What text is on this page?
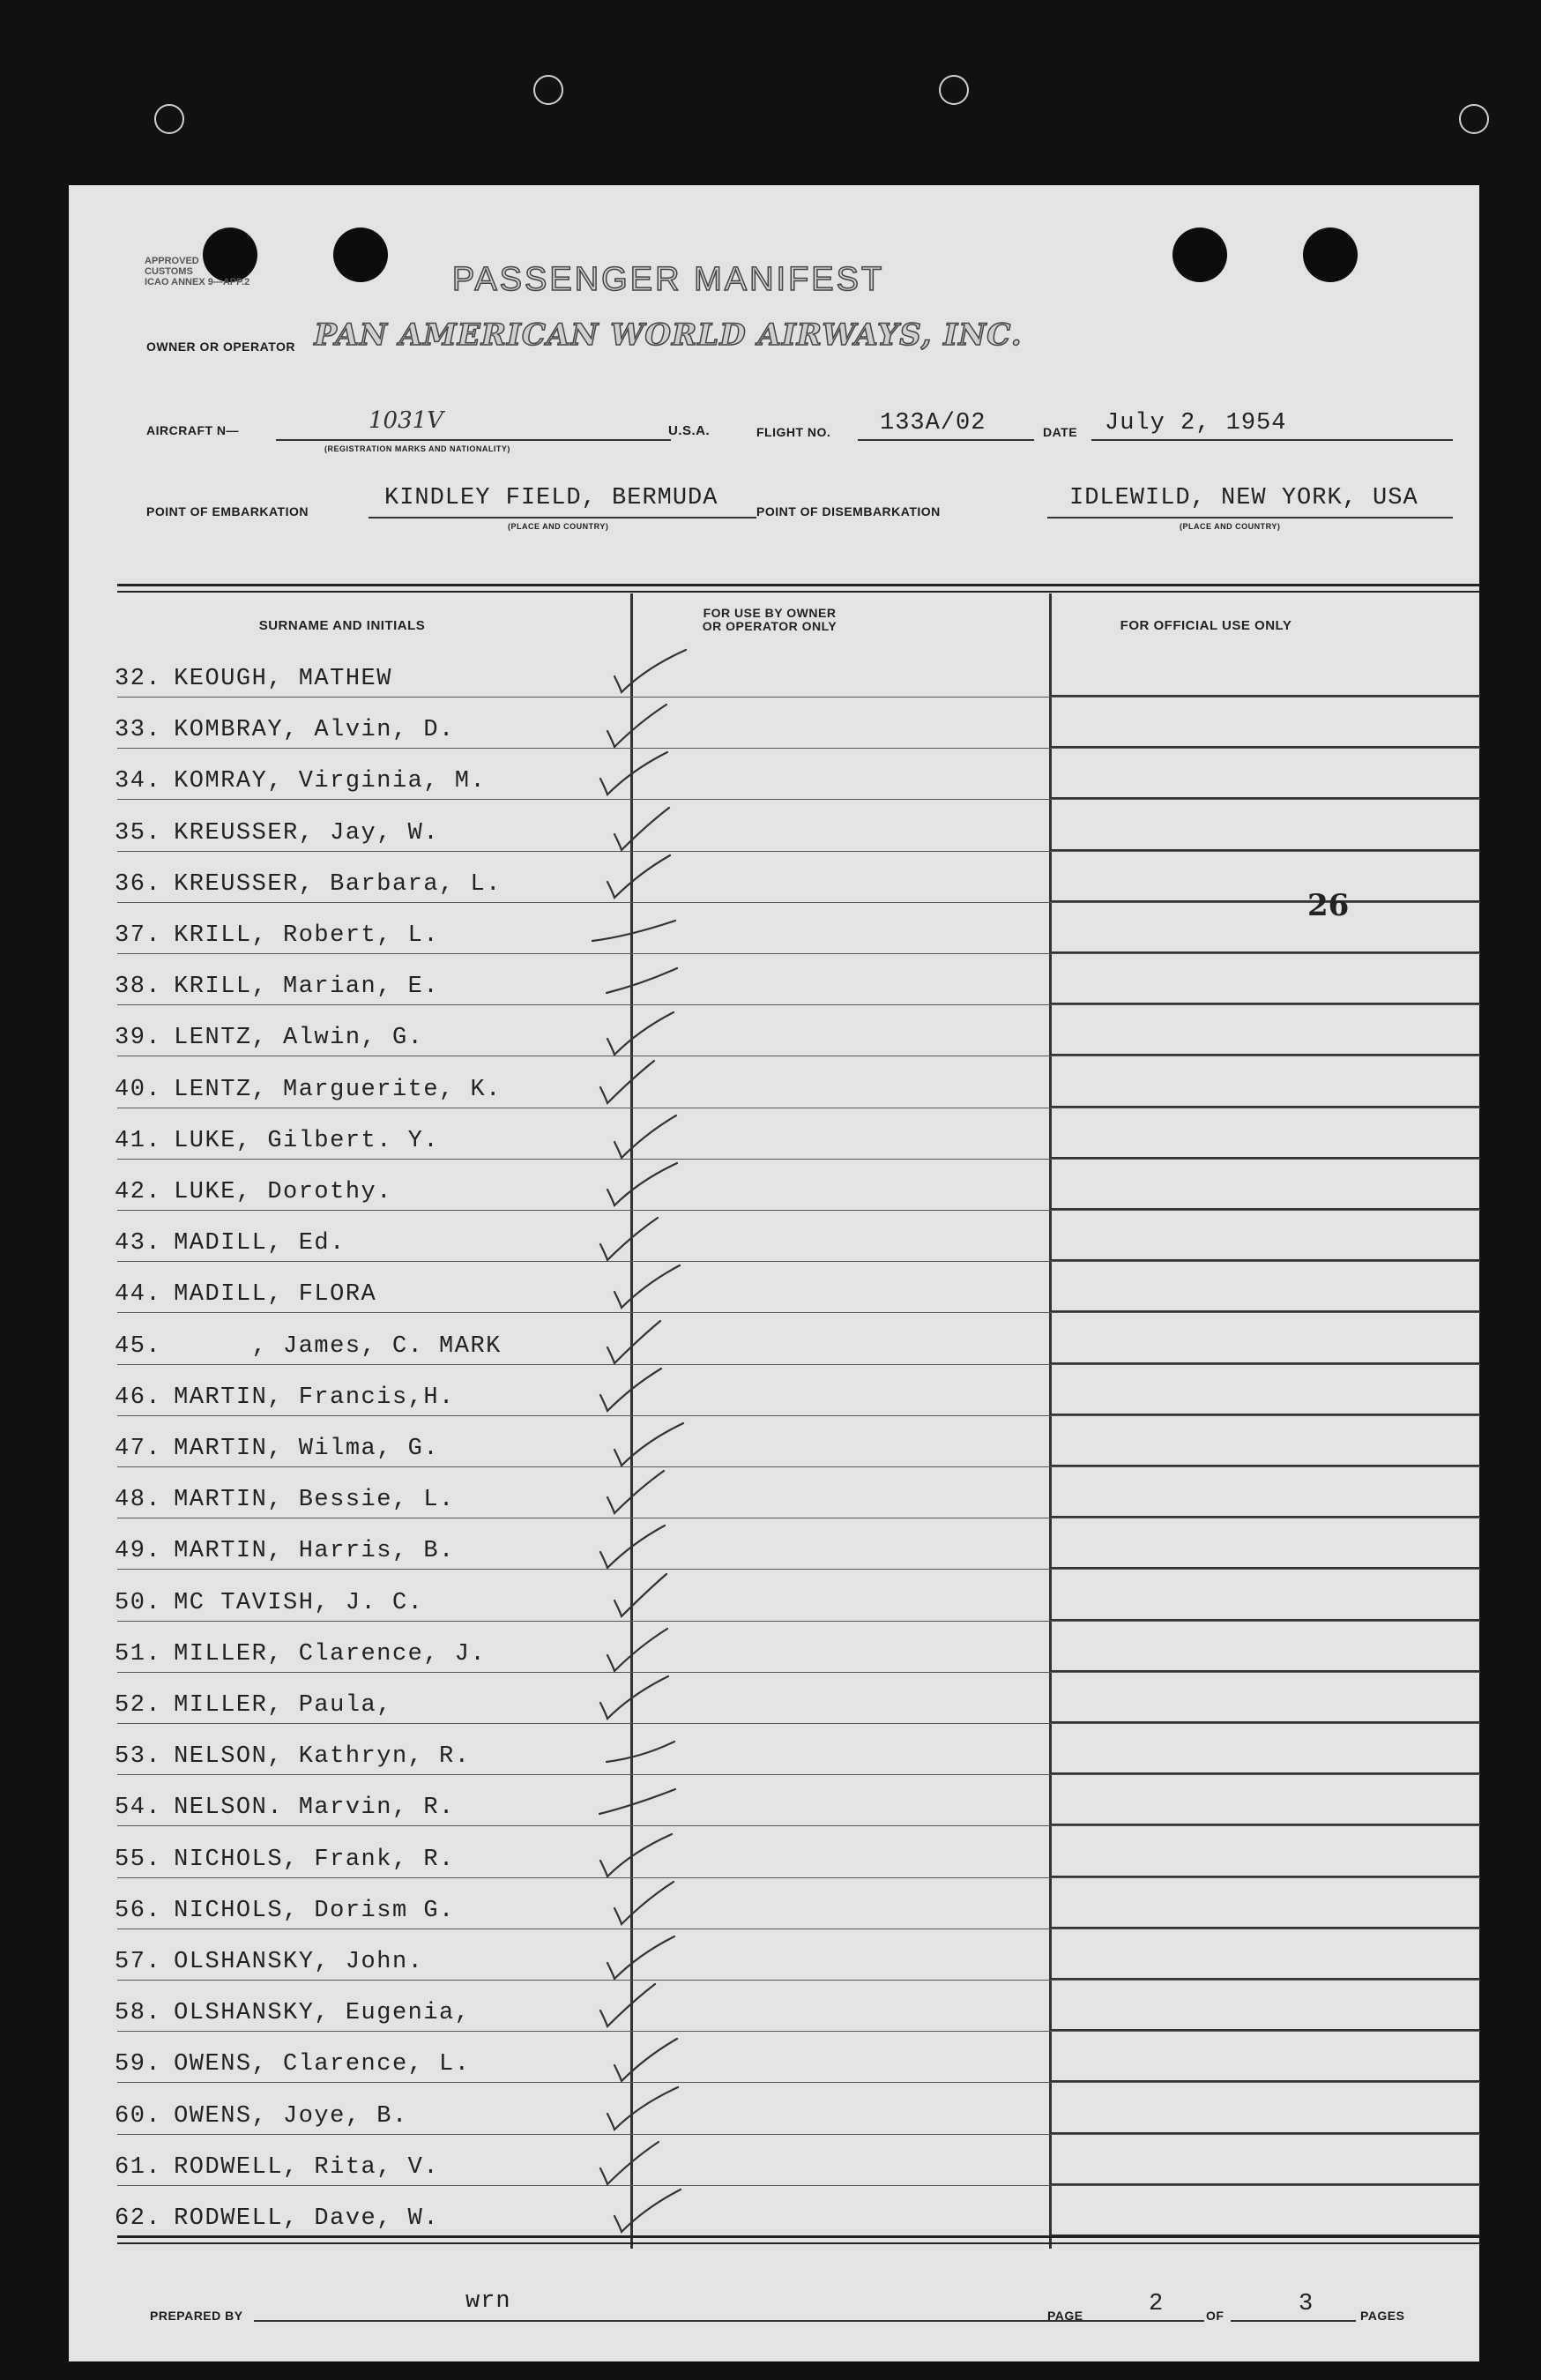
APPROVED
CUSTOMS
ICAO ANNEX 9—APP.2	PASSENGER MANIFEST
OWNER OR OPERATOR PAN AMERICAN WORLD AIRWAYS, INC.
AIRCRAFT N—	1031V
(REGISTRATION MARKS AND NATIONALITY)
U.S.A.	FLIGHT NO. 133A/02	DATE July 2, 1954
POINT OF EMBARKATION	KINDLEY FIELD, BERMUDA
(PLACE AND COUNTRY)
POINT OF DISEMBARKATION	IDLEWILD, NEW YORK, USA
(PLACE AND COUNTRY)
SURNAME AND INITIALS
FOR USE BY OWNER
OR OPERATOR ONLY	FOR OFFICIAL USE ONLY
32. KEOUGH, MATHEW
33. KOMBRAY, Alvin, D.
34. KOMRAY, Virginia, M.
35. KREUSSER, Jay, W.
36. KREUSSER, Barbara, L.
37. KRILL, Robert, L.
38. KRILL, Marian, E.
39. LENTZ, Alwin, G.
40. LENTZ, Marguerite, K.
41. LUKE, Gilbert. Y.
42. LUKE, Dorothy.
43. MADILL, Ed.
44. MADILL, FLORA
45.     , James, C. MARK
46. MARTIN, Francis,H.
47. MARTIN, Wilma, G.
48. MARTIN, Bessie, L.
49. MARTIN, Harris, B.
50. MC TAVISH, J. C.
51. MILLER, Clarence, J.
52. MILLER, Paula,
53. NELSON, Kathryn, R.
54. NELSON. Marvin, R.
55. NICHOLS, Frank, R.
56. NICHOLS, Dorism G.
57. OLSHANSKY, John.
58. OLSHANSKY, Eugenia,
59. OWENS, Clarence, L.
60. OWENS, Joye, B.
61. RODWELL, Rita, V.
62. RODWELL, Dave, W.
26
PREPARED BY
wrn
PAGE	2	OF	3	PAGES
